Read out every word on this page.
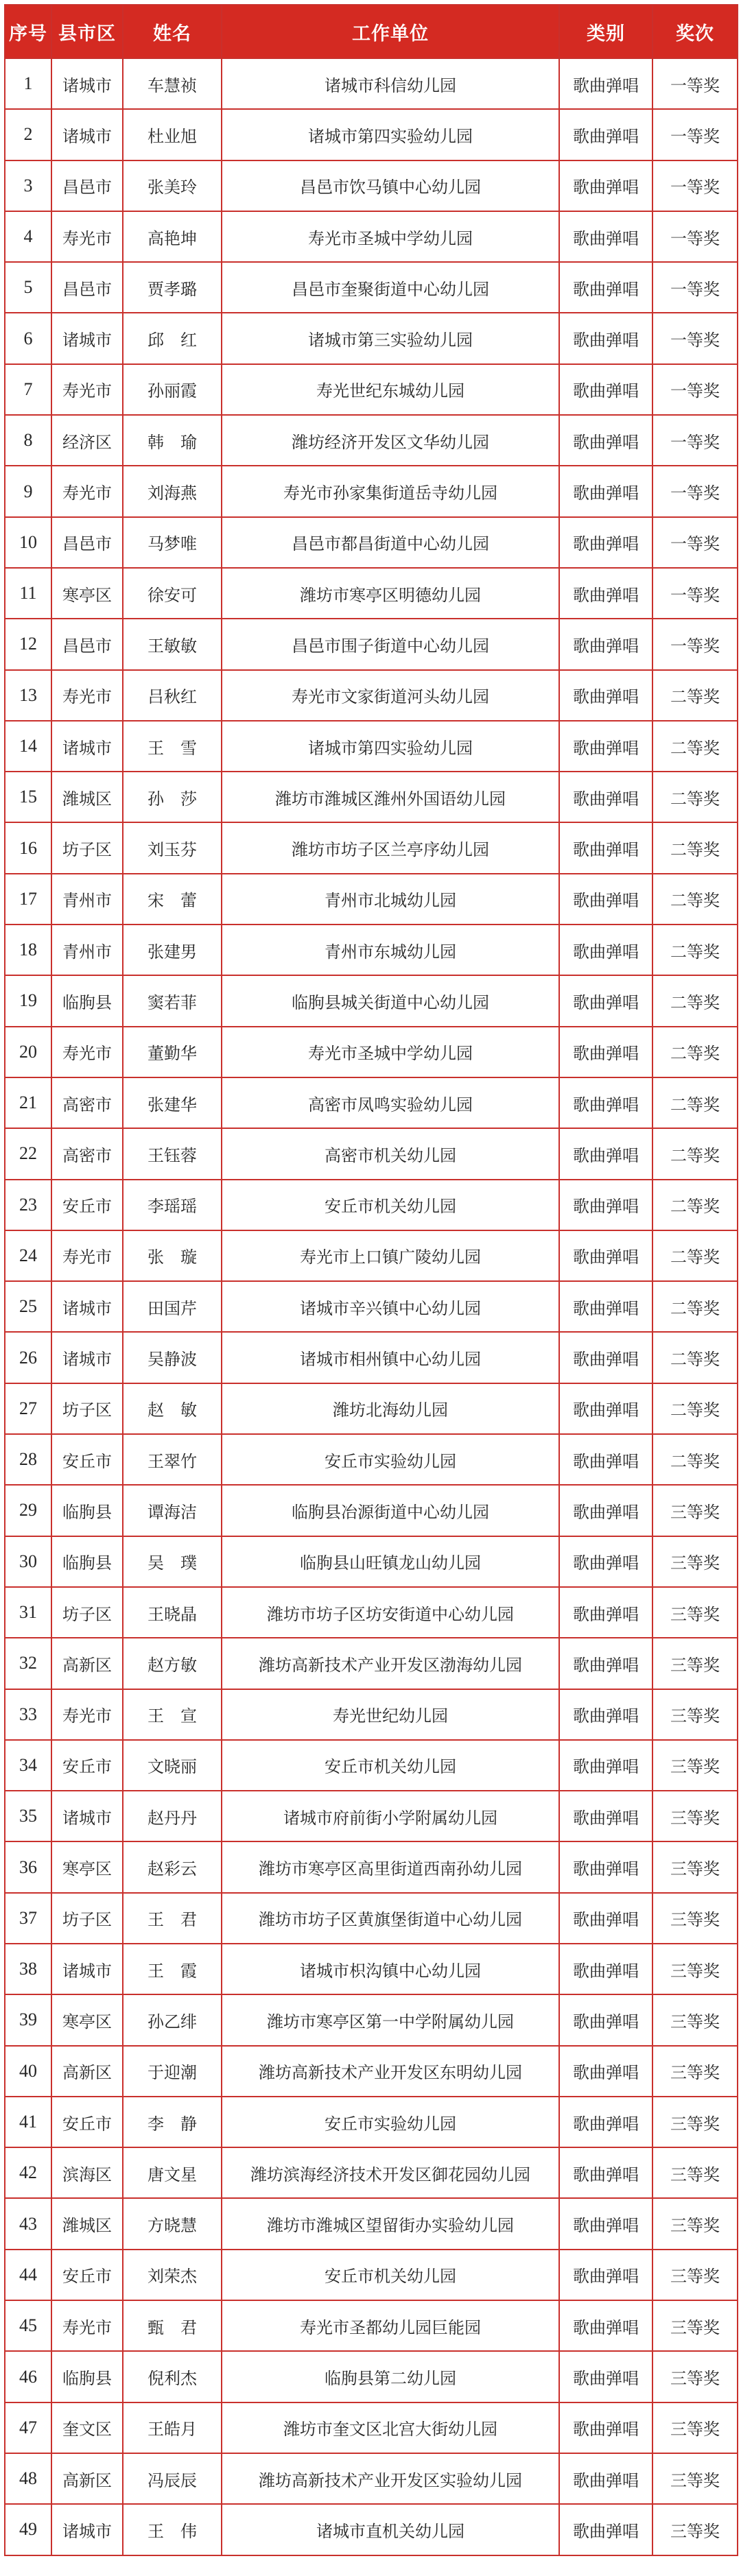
序号	县市区	姓名	工作单位	类别	奖次
1	诸城市	车慧祯	诸城市科信幼儿园	歌曲弹唱	一等奖
2	诸城市	杜业旭	诸城市第四实验幼儿园	歌曲弹唱	一等奖
3	昌邑市	张美玲	昌邑市饮马镇中心幼儿园	歌曲弹唱	一等奖
4	寿光市	高艳坤	寿光市圣城中学幼儿园	歌曲弹唱	一等奖
5	昌邑市	贾孝璐	昌邑市奎聚街道中心幼儿园	歌曲弹唱	一等奖
6	诸城市	邱　红	诸城市第三实验幼儿园	歌曲弹唱	一等奖
7	寿光市	孙丽霞	寿光世纪东城幼儿园	歌曲弹唱	一等奖
8	经济区	韩　瑜	潍坊经济开发区文华幼儿园	歌曲弹唱	一等奖
9	寿光市	刘海燕	寿光市孙家集街道岳寺幼儿园	歌曲弹唱	一等奖
10	昌邑市	马梦唯	昌邑市都昌街道中心幼儿园	歌曲弹唱	一等奖
11	寒亭区	徐安可	潍坊市寒亭区明德幼儿园	歌曲弹唱	一等奖
12	昌邑市	王敏敏	昌邑市围子街道中心幼儿园	歌曲弹唱	一等奖
13	寿光市	吕秋红	寿光市文家街道河头幼儿园	歌曲弹唱	二等奖
14	诸城市	王　雪	诸城市第四实验幼儿园	歌曲弹唱	二等奖
15	潍城区	孙　莎	潍坊市潍城区潍州外国语幼儿园	歌曲弹唱	二等奖
16	坊子区	刘玉芬	潍坊市坊子区兰亭序幼儿园	歌曲弹唱	二等奖
17	青州市	宋　蕾	青州市北城幼儿园	歌曲弹唱	二等奖
18	青州市	张建男	青州市东城幼儿园	歌曲弹唱	二等奖
19	临朐县	窦若菲	临朐县城关街道中心幼儿园	歌曲弹唱	二等奖
20	寿光市	董勤华	寿光市圣城中学幼儿园	歌曲弹唱	二等奖
21	高密市	张建华	高密市凤鸣实验幼儿园	歌曲弹唱	二等奖
22	高密市	王钰蓉	高密市机关幼儿园	歌曲弹唱	二等奖
23	安丘市	李瑶瑶	安丘市机关幼儿园	歌曲弹唱	二等奖
24	寿光市	张　璇	寿光市上口镇广陵幼儿园	歌曲弹唱	二等奖
25	诸城市	田国芹	诸城市辛兴镇中心幼儿园	歌曲弹唱	二等奖
26	诸城市	吴静波	诸城市相州镇中心幼儿园	歌曲弹唱	二等奖
27	坊子区	赵　敏	潍坊北海幼儿园	歌曲弹唱	二等奖
28	安丘市	王翠竹	安丘市实验幼儿园	歌曲弹唱	二等奖
29	临朐县	谭海洁	临朐县冶源街道中心幼儿园	歌曲弹唱	三等奖
30	临朐县	吴　璞	临朐县山旺镇龙山幼儿园	歌曲弹唱	三等奖
31	坊子区	王晓晶	潍坊市坊子区坊安街道中心幼儿园	歌曲弹唱	三等奖
32	高新区	赵方敏	潍坊高新技术产业开发区渤海幼儿园	歌曲弹唱	三等奖
33	寿光市	王　宣	寿光世纪幼儿园	歌曲弹唱	三等奖
34	安丘市	文晓丽	安丘市机关幼儿园	歌曲弹唱	三等奖
35	诸城市	赵丹丹	诸城市府前街小学附属幼儿园	歌曲弹唱	三等奖
36	寒亭区	赵彩云	潍坊市寒亭区高里街道西南孙幼儿园	歌曲弹唱	三等奖
37	坊子区	王　君	潍坊市坊子区黄旗堡街道中心幼儿园	歌曲弹唱	三等奖
38	诸城市	王　霞	诸城市枳沟镇中心幼儿园	歌曲弹唱	三等奖
39	寒亭区	孙乙绯	潍坊市寒亭区第一中学附属幼儿园	歌曲弹唱	三等奖
40	高新区	于迎潮	潍坊高新技术产业开发区东明幼儿园	歌曲弹唱	三等奖
41	安丘市	李　静	安丘市实验幼儿园	歌曲弹唱	三等奖
42	滨海区	唐文星	潍坊滨海经济技术开发区御花园幼儿园	歌曲弹唱	三等奖
43	潍城区	方晓慧	潍坊市潍城区望留街办实验幼儿园	歌曲弹唱	三等奖
44	安丘市	刘荣杰	安丘市机关幼儿园	歌曲弹唱	三等奖
45	寿光市	甄　君	寿光市圣都幼儿园巨能园	歌曲弹唱	三等奖
46	临朐县	倪利杰	临朐县第二幼儿园	歌曲弹唱	三等奖
47	奎文区	王皓月	潍坊市奎文区北宫大街幼儿园	歌曲弹唱	三等奖
48	高新区	冯辰辰	潍坊高新技术产业开发区实验幼儿园	歌曲弹唱	三等奖
49	诸城市	王　伟	诸城市直机关幼儿园	歌曲弹唱	三等奖
